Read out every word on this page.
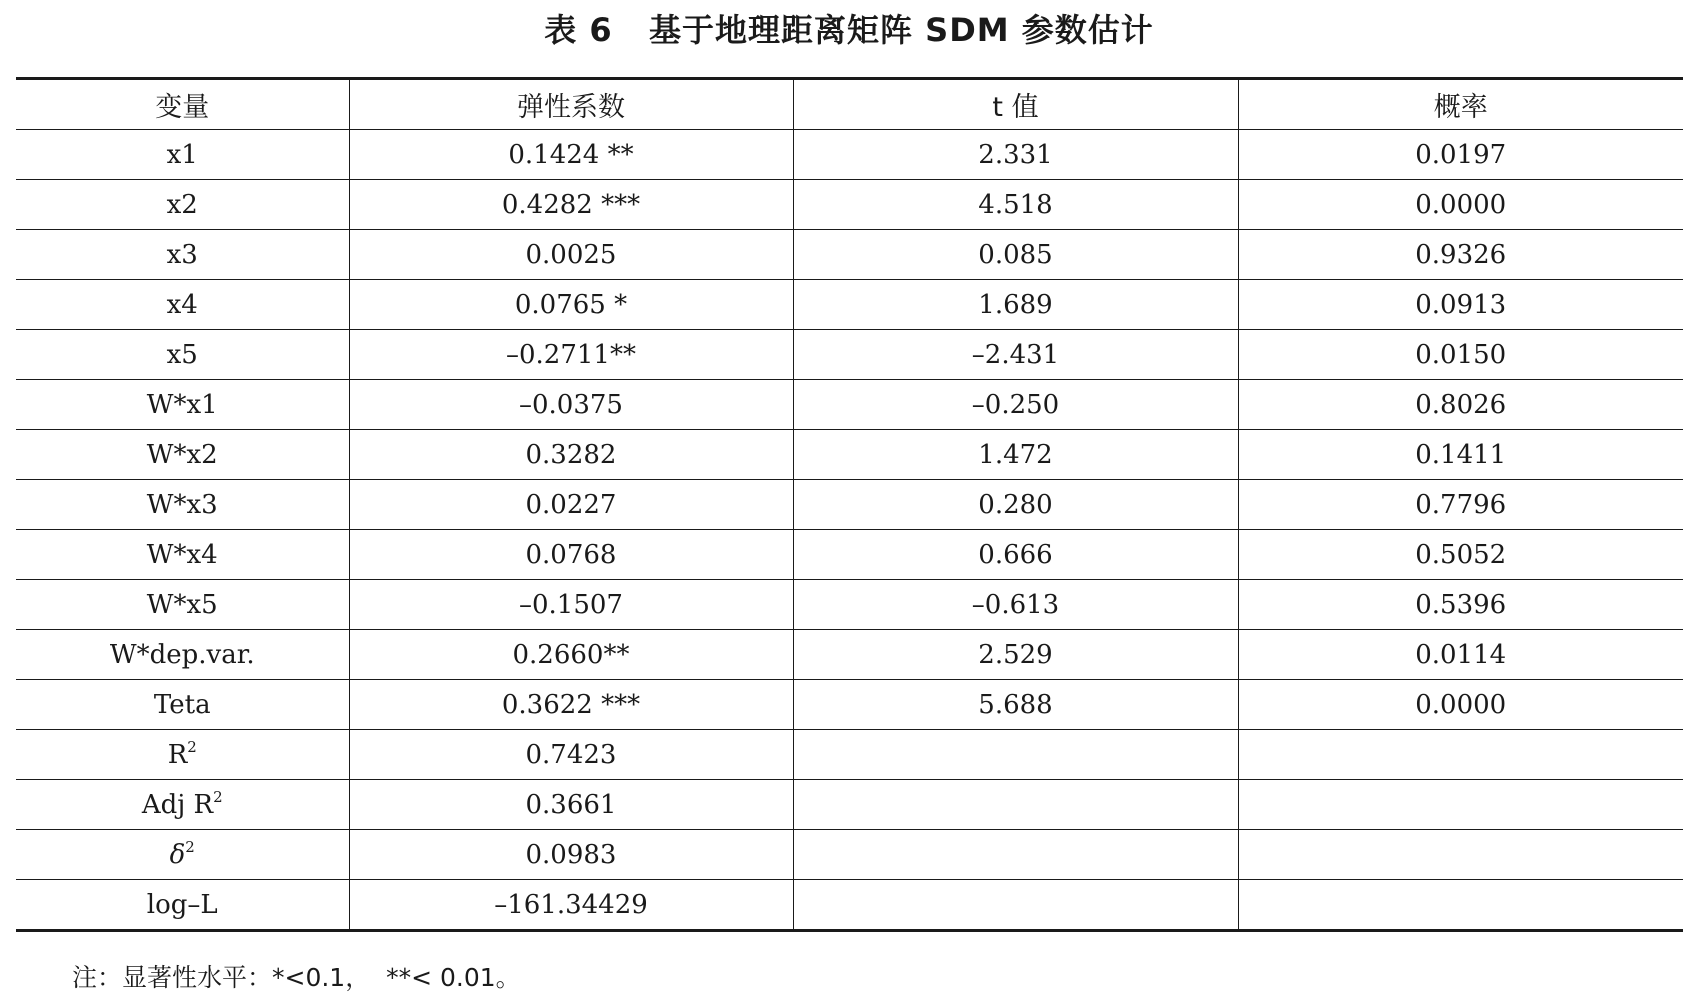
表 6   基于地理距离矩阵 SDM 参数估计
变量	弹性系数	t 值	概率
x1	0.1424 **	2.331	0.0197
x2	0.4282 ***	4.518	0.0000
x3	0.0025	0.085	0.9326
x4	0.0765 *	1.689	0.0913
x5	–0.2711**	–2.431	0.0150
W*x1	–0.0375	–0.250	0.8026
W*x2	0.3282	1.472	0.1411
W*x3	0.0227	0.280	0.7796
W*x4	0.0768	0.666	0.5052
W*x5	–0.1507	–0.613	0.5396
W*dep.var.	0.2660**	2.529	0.0114
Teta	0.3622 ***	5.688	0.0000
$R^2$	0.7423		
Adj $R^2$	0.3661		
$\delta^2$	0.0983		
log–L	–161.34429		
注：显著性水平：*<0.1，  **< 0.01。
